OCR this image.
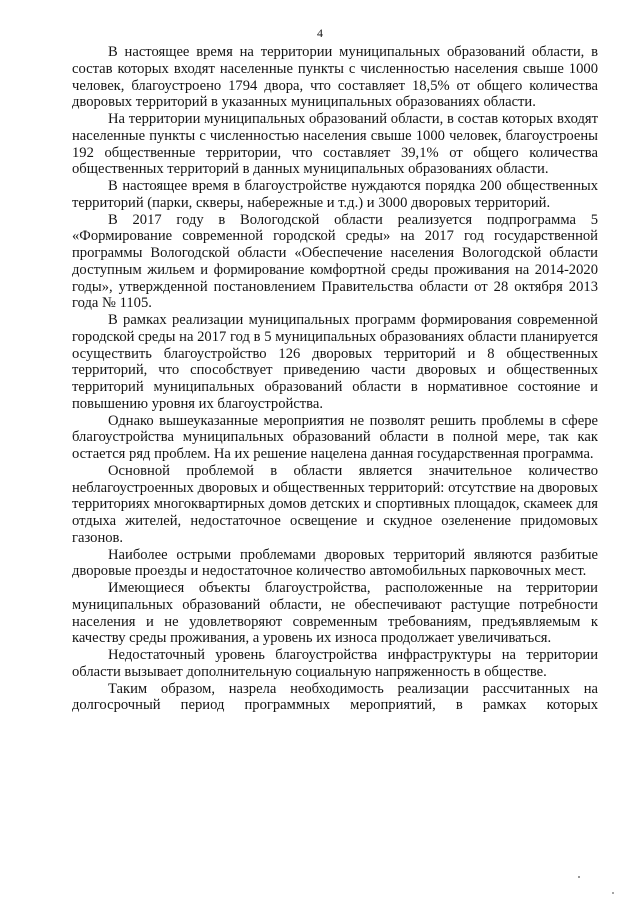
4

В настоящее время на территории муниципальных образований области, в состав которых входят населенные пункты с численностью населения свыше 1000 человек, благоустроено 1794 двора, что составляет 18,5% от общего количества дворовых территорий в указанных муниципальных образованиях области.

На территории муниципальных образований области, в состав которых входят населенные пункты с численностью населения свыше 1000 человек, благоустроены 192 общественные территории, что составляет 39,1% от общего количества общественных территорий в данных муниципальных образованиях области.

В настоящее время в благоустройстве нуждаются порядка 200 общественных территорий (парки, скверы, набережные и т.д.) и 3000 дворовых территорий.

В 2017 году в Вологодской области реализуется подпрограмма 5 «Формирование современной городской среды» на 2017 год государственной программы Вологодской области «Обеспечение населения Вологодской области доступным жильем и формирование комфортной среды проживания на 2014-2020 годы», утвержденной постановлением Правительства области от 28 октября 2013 года № 1105.

В рамках реализации муниципальных программ формирования современной городской среды на 2017 год в 5 муниципальных образованиях области планируется осуществить благоустройство 126 дворовых территорий и 8 общественных территорий, что способствует приведению части дворовых и общественных территорий муниципальных образований области в нормативное состояние и повышению уровня их благоустройства.

Однако вышеуказанные мероприятия не позволят решить проблемы в сфере благоустройства муниципальных образований области в полной мере, так как остается ряд проблем. На их решение нацелена данная государственная программа.

Основной проблемой в области является значительное количество неблагоустроенных дворовых и общественных территорий: отсутствие на дворовых территориях многоквартирных домов детских и спортивных площадок, скамеек для отдыха жителей, недостаточное освещение и скудное озеленение придомовых газонов.

Наиболее острыми проблемами дворовых территорий являются разбитые дворовые проезды и недостаточное количество автомобильных парковочных мест.

Имеющиеся объекты благоустройства, расположенные на территории муниципальных образований области, не обеспечивают растущие потребности населения и не удовлетворяют современным требованиям, предъявляемым к качеству среды проживания, а уровень их износа продолжает увеличиваться.

Недостаточный уровень благоустройства инфраструктуры на территории области вызывает дополнительную социальную напряженность в обществе.

Таким образом, назрела необходимость реализации рассчитанных на долгосрочный период программных мероприятий, в рамках которых
